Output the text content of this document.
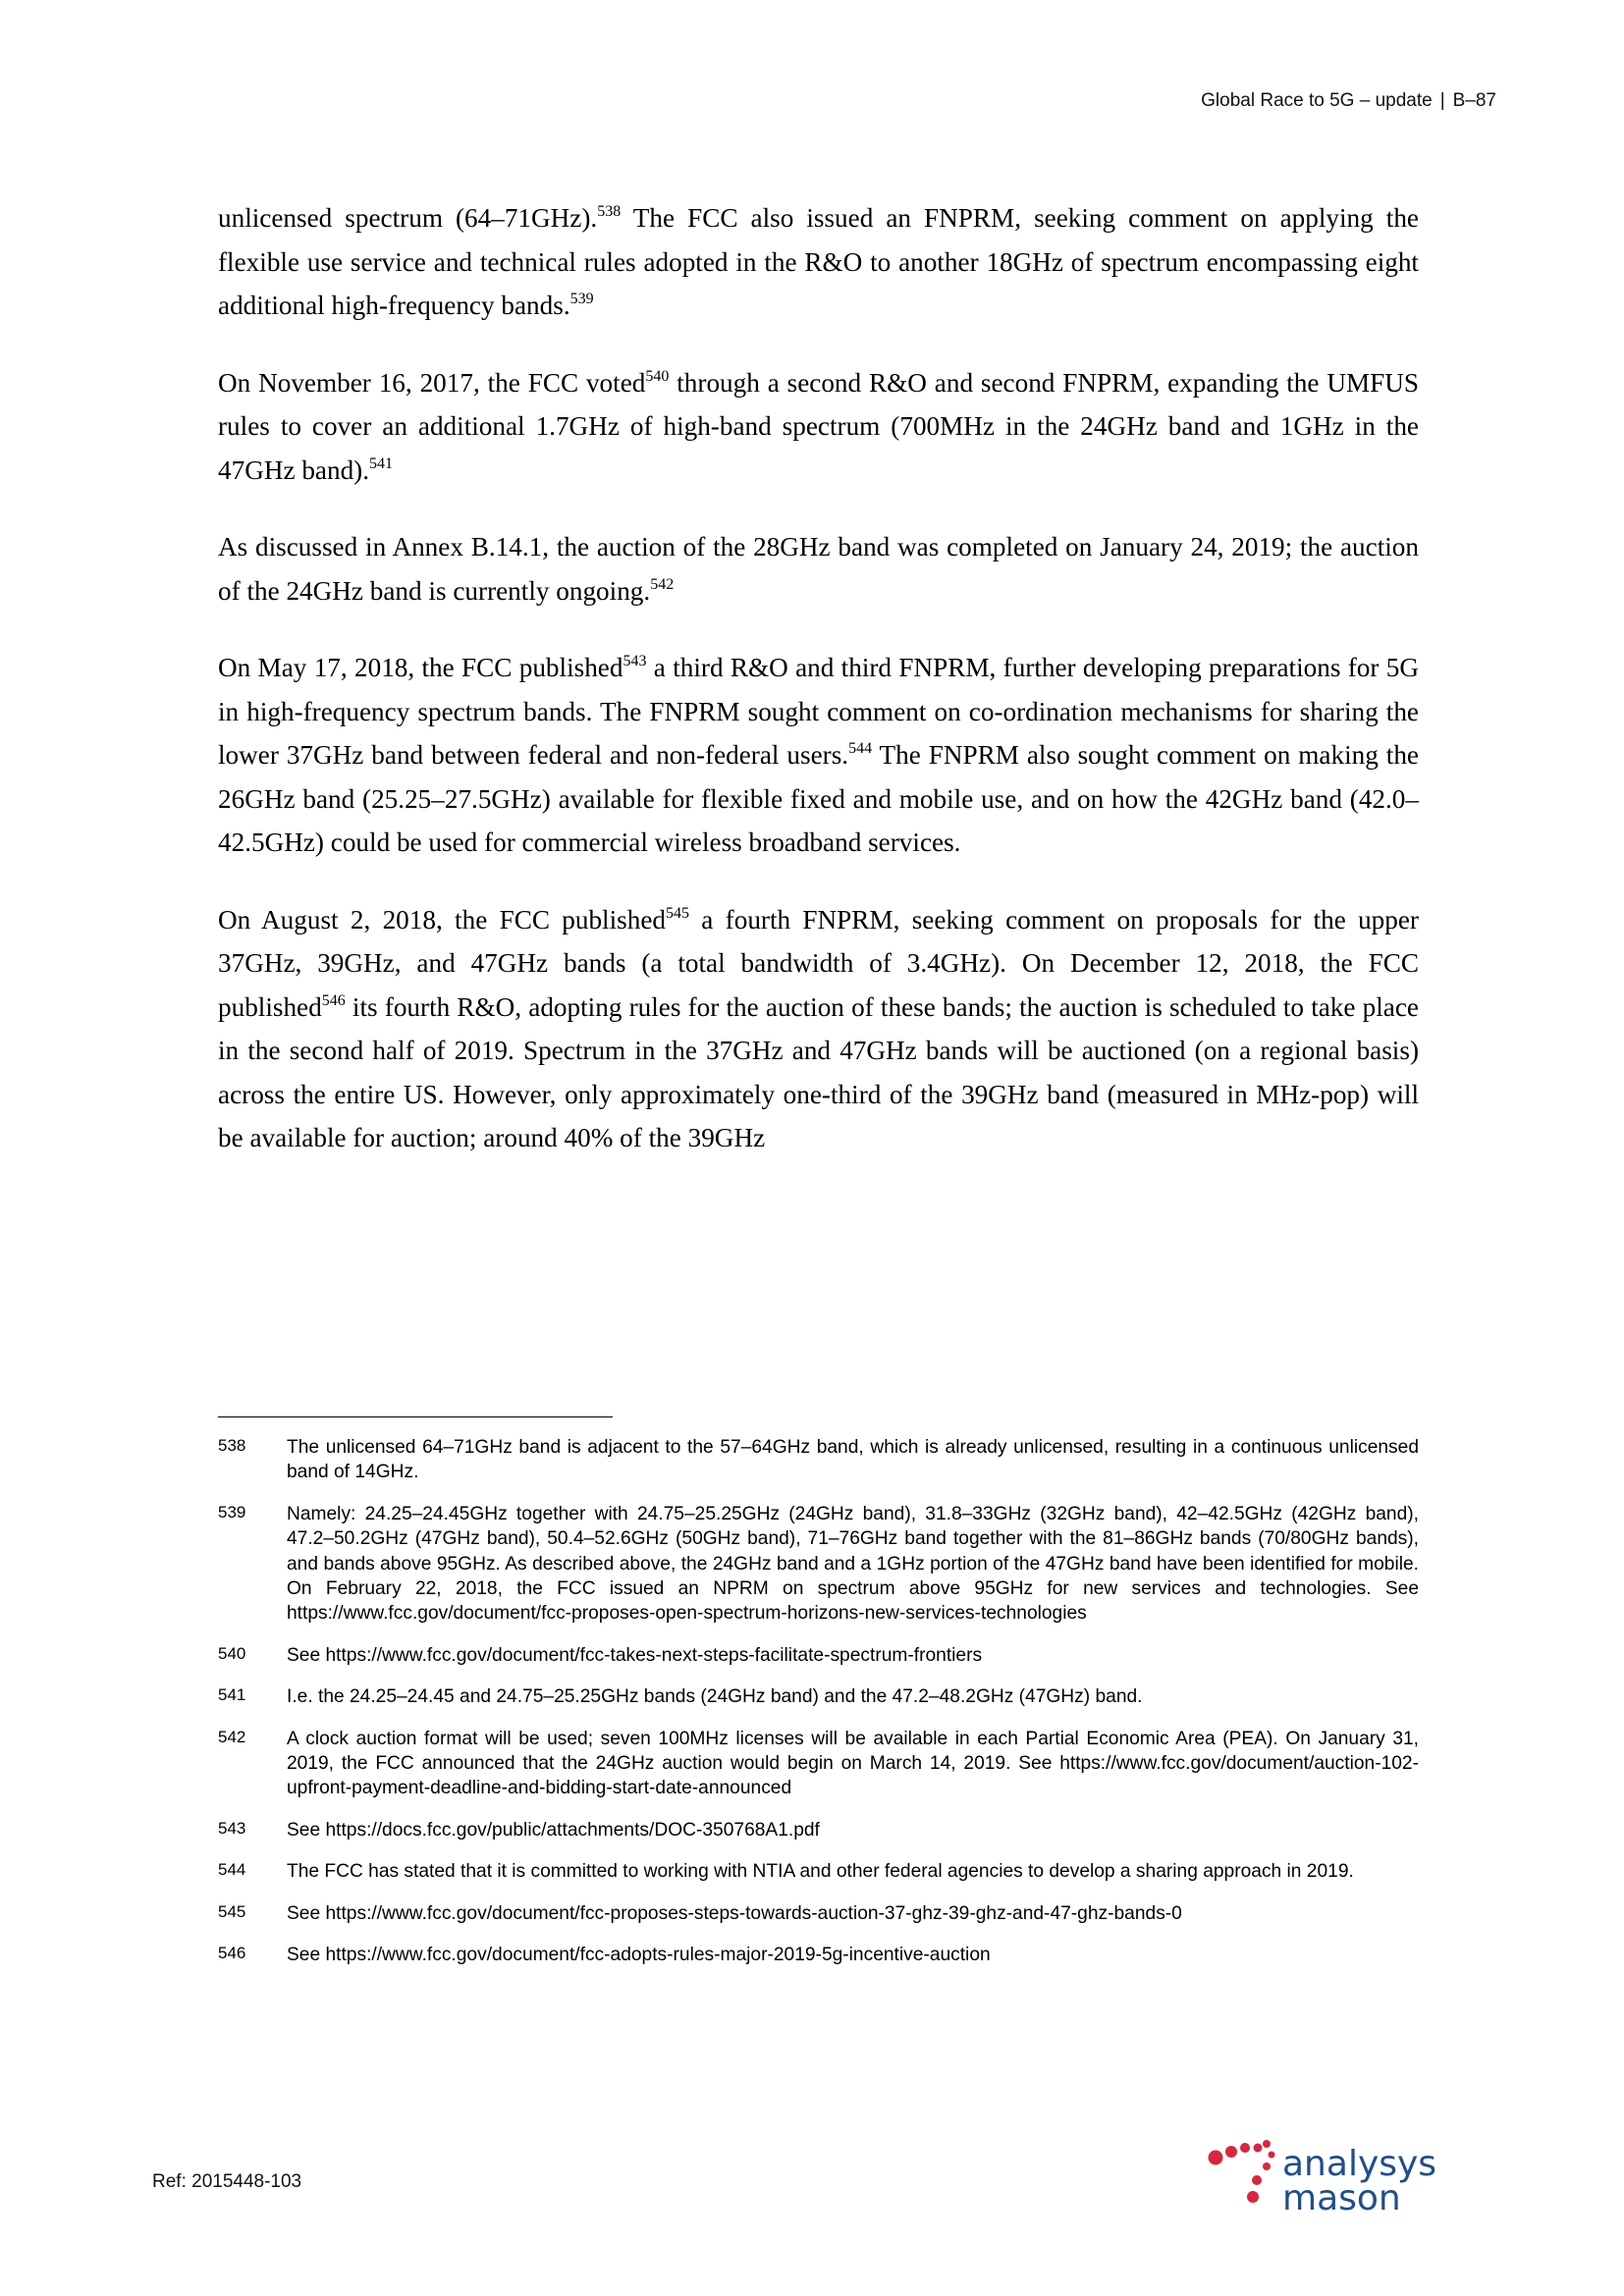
Global Race to 5G – update | B–87

unlicensed spectrum (64–71GHz).$^{538}$ The FCC also issued an FNPRM, seeking comment on applying the flexible use service and technical rules adopted in the R&O to another 18GHz of spectrum encompassing eight additional high-frequency bands.$^{539}$

On November 16, 2017, the FCC voted$^{540}$ through a second R&O and second FNPRM, expanding the UMFUS rules to cover an additional 1.7GHz of high-band spectrum (700MHz in the 24GHz band and 1GHz in the 47GHz band).$^{541}$

As discussed in Annex B.14.1, the auction of the 28GHz band was completed on January 24, 2019; the auction of the 24GHz band is currently ongoing.$^{542}$

On May 17, 2018, the FCC published$^{543}$ a third R&O and third FNPRM, further developing preparations for 5G in high-frequency spectrum bands. The FNPRM sought comment on co-ordination mechanisms for sharing the lower 37GHz band between federal and non-federal users.$^{544}$ The FNPRM also sought comment on making the 26GHz band (25.25–27.5GHz) available for flexible fixed and mobile use, and on how the 42GHz band (42.0–42.5GHz) could be used for commercial wireless broadband services.

On August 2, 2018, the FCC published$^{545}$ a fourth FNPRM, seeking comment on proposals for the upper 37GHz, 39GHz, and 47GHz bands (a total bandwidth of 3.4GHz). On December 12, 2018, the FCC published$^{546}$ its fourth R&O, adopting rules for the auction of these bands; the auction is scheduled to take place in the second half of 2019. Spectrum in the 37GHz and 47GHz bands will be auctioned (on a regional basis) across the entire US. However, only approximately one-third of the 39GHz band (measured in MHz-pop) will be available for auction; around 40% of the 39GHz

538	The unlicensed 64–71GHz band is adjacent to the 57–64GHz band, which is already unlicensed, resulting in a continuous unlicensed band of 14GHz.
539	Namely: 24.25–24.45GHz together with 24.75–25.25GHz (24GHz band), 31.8–33GHz (32GHz band), 42–42.5GHz (42GHz band), 47.2–50.2GHz (47GHz band), 50.4–52.6GHz (50GHz band), 71–76GHz band together with the 81–86GHz bands (70/80GHz bands), and bands above 95GHz. As described above, the 24GHz band and a 1GHz portion of the 47GHz band have been identified for mobile. On February 22, 2018, the FCC issued an NPRM on spectrum above 95GHz for new services and technologies. See https://www.fcc.gov/document/fcc-proposes-open-spectrum-horizons-new-services-technologies
540	See https://www.fcc.gov/document/fcc-takes-next-steps-facilitate-spectrum-frontiers
541	I.e. the 24.25–24.45 and 24.75–25.25GHz bands (24GHz band) and the 47.2–48.2GHz (47GHz) band.
542	A clock auction format will be used; seven 100MHz licenses will be available in each Partial Economic Area (PEA). On January 31, 2019, the FCC announced that the 24GHz auction would begin on March 14, 2019. See https://www.fcc.gov/document/auction-102-upfront-payment-deadline-and-bidding-start-date-announced
543	See https://docs.fcc.gov/public/attachments/DOC-350768A1.pdf
544	The FCC has stated that it is committed to working with NTIA and other federal agencies to develop a sharing approach in 2019.
545	See https://www.fcc.gov/document/fcc-proposes-steps-towards-auction-37-ghz-39-ghz-and-47-ghz-bands-0
546	See https://www.fcc.gov/document/fcc-adopts-rules-major-2019-5g-incentive-auction
Ref: 2015448-103	analysys
mason
